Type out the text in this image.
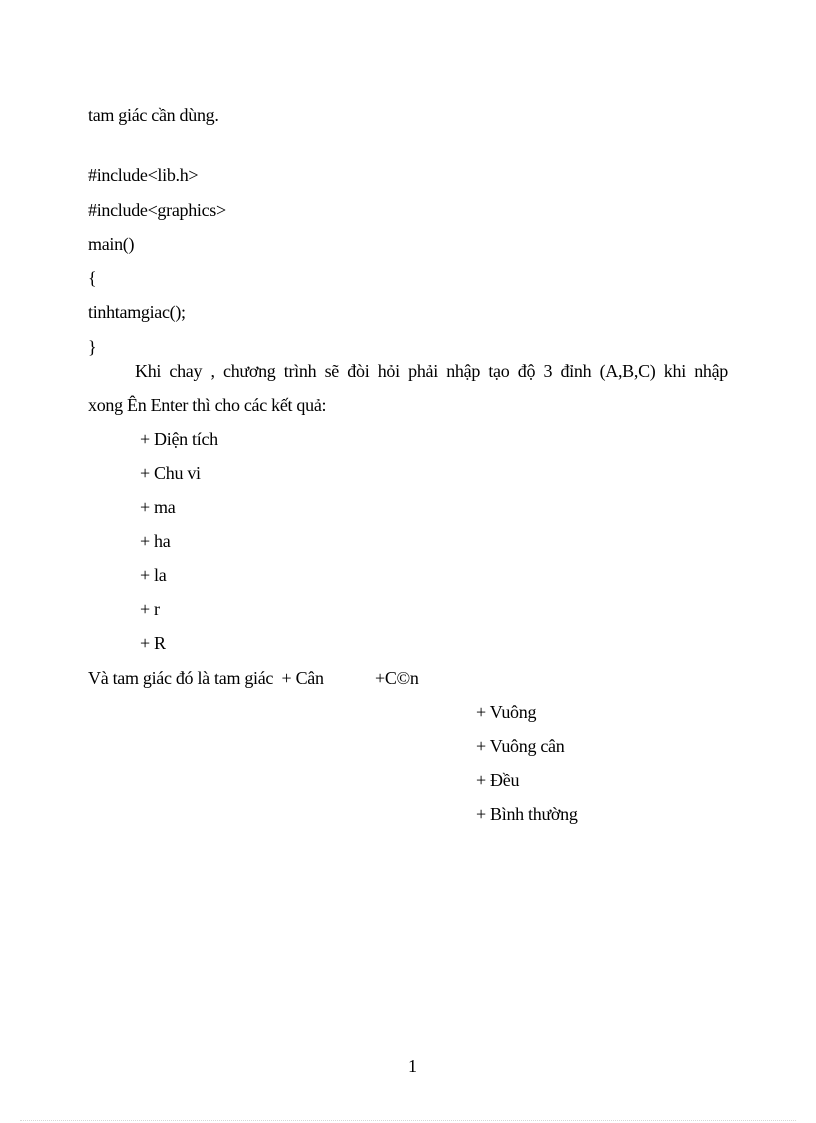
tam giác cần dùng.
#include<lib.h>
#include<graphics>
main()
{
tinhtamgiac();
}
Khi chay , chương trình sẽ đòi hỏi phải nhập tạo độ 3 đỉnh (A,B,C) khi nhập
xong Ên Enter thì cho các kết quả:
+ Diện tích
+ Chu vi
+ ma
+ ha
+ la
+ r
+ R
Và tam giác đó là tam giác  + Cân	+C©n
+ Vuông
+ Vuông cân
+ Đều
+ Bình thường
1
